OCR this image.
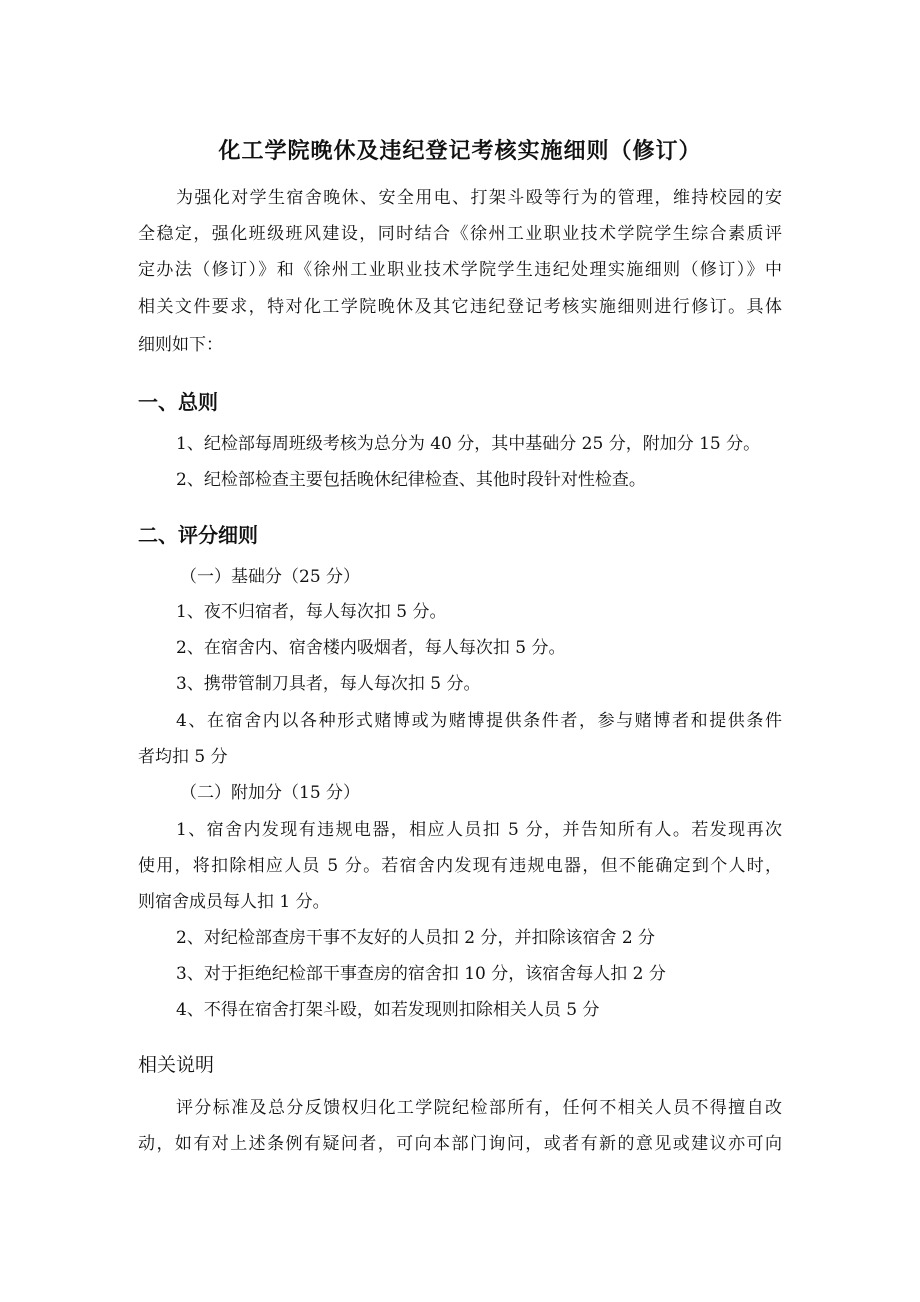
化工学院晚休及违纪登记考核实施细则（修订）
为强化对学生宿舍晚休、安全用电、打架斗殴等行为的管理，维持校园的安
全稳定，强化班级班风建设，同时结合《徐州工业职业技术学院学生综合素质评
定办法（修订）》和《徐州工业职业技术学院学生违纪处理实施细则（修订）》中
相关文件要求，特对化工学院晚休及其它违纪登记考核实施细则进行修订。具体
细则如下：
一、总则
1、纪检部每周班级考核为总分为 40 分，其中基础分 25 分，附加分 15 分。
2、纪检部检查主要包括晚休纪律检查、其他时段针对性检查。
二、评分细则
（一）基础分（25 分）
1、夜不归宿者，每人每次扣 5 分。
2、在宿舍内、宿舍楼内吸烟者，每人每次扣 5 分。
3、携带管制刀具者，每人每次扣 5 分。
4、在宿舍内以各种形式赌博或为赌博提供条件者，参与赌博者和提供条件
者均扣 5 分
（二）附加分（15 分）
1、宿舍内发现有违规电器，相应人员扣 5 分，并告知所有人。若发现再次
使用，将扣除相应人员 5 分。若宿舍内发现有违规电器，但不能确定到个人时，
则宿舍成员每人扣 1 分。
2、对纪检部查房干事不友好的人员扣 2 分，并扣除该宿舍 2 分
3、对于拒绝纪检部干事查房的宿舍扣 10 分，该宿舍每人扣 2 分
4、不得在宿舍打架斗殴，如若发现则扣除相关人员 5 分
相关说明
评分标准及总分反馈权归化工学院纪检部所有，任何不相关人员不得擅自改
动，如有对上述条例有疑问者，可向本部门询问，或者有新的意见或建议亦可向
